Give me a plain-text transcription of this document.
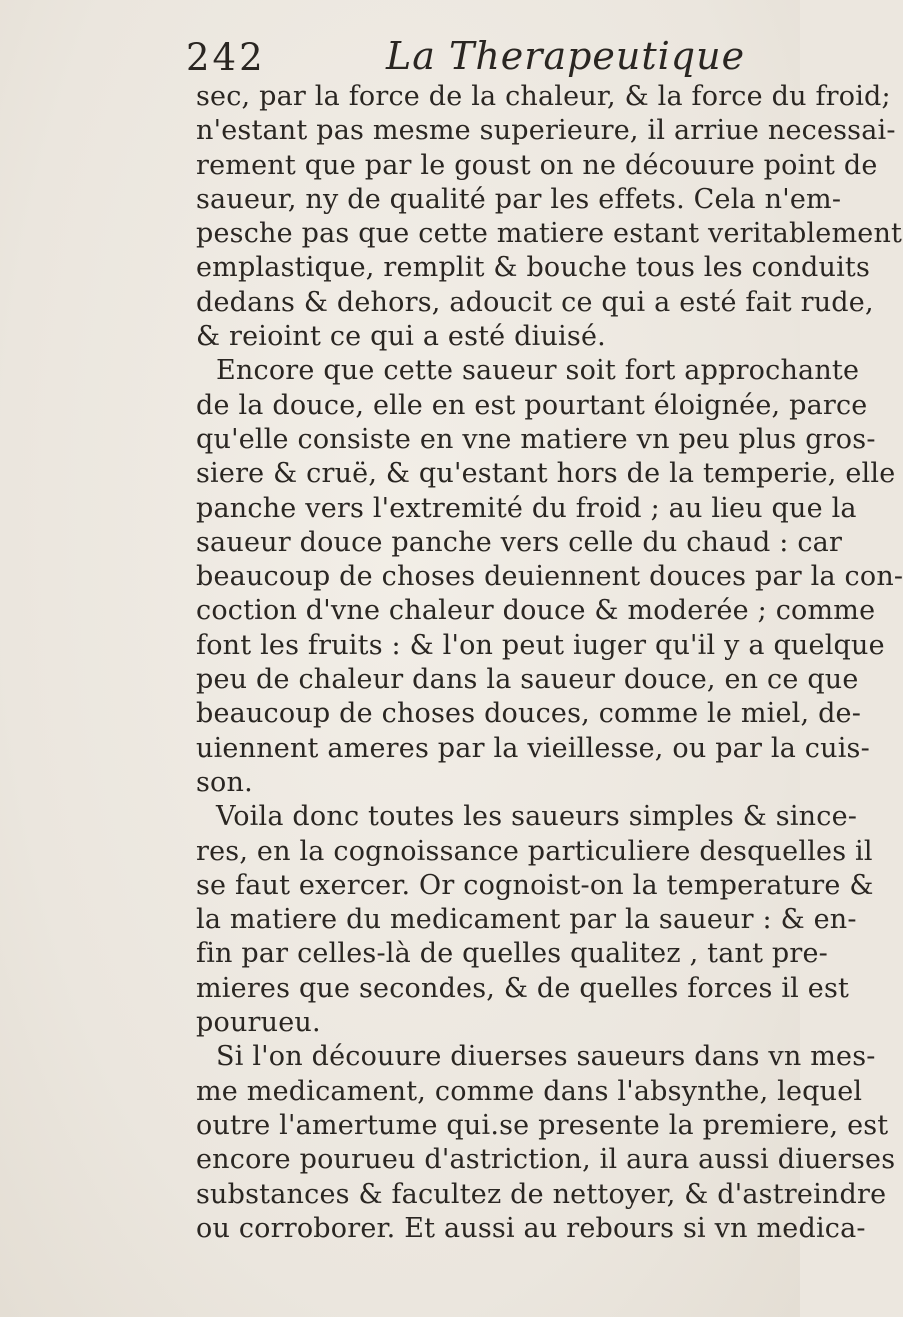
242	La Therapeutique
sec, par la force de la chaleur, & la force du froid;
n'estant pas mesme superieure, il arriue necessai-
rement que par le goust on ne découure point de
saueur, ny de qualité par les effets. Cela n'em-
pesche pas que cette matiere estant veritablement
emplastique, remplit & bouche tous les conduits
dedans & dehors, adoucit ce qui a esté fait rude,
& reioint ce qui a esté diuisé.
Encore que cette saueur soit fort approchante
de la douce, elle en est pourtant éloignée, parce
qu'elle consiste en vne matiere vn peu plus gros-
siere & cruë, & qu'estant hors de la temperie, elle
panche vers l'extremité du froid ; au lieu que la
saueur douce panche vers celle du chaud : car
beaucoup de choses deuiennent douces par la con-
coction d'vne chaleur douce & moderée ; comme
font les fruits : & l'on peut iuger qu'il y a quelque
peu de chaleur dans la saueur douce, en ce que
beaucoup de choses douces, comme le miel, de-
uiennent ameres par la vieillesse, ou par la cuis-
son.
Voila donc toutes les saueurs simples & since-
res, en la cognoissance particuliere desquelles il
se faut exercer. Or cognoist-on la temperature &
la matiere du medicament par la saueur : & en-
fin par celles-là de quelles qualitez , tant pre-
mieres que secondes, & de quelles forces il est
pourueu.
Si l'on découure diuerses saueurs dans vn mes-
me medicament, comme dans l'absynthe, lequel
outre l'amertume qui.se presente la premiere, est
encore pourueu d'astriction, il aura aussi diuerses
substances & facultez de nettoyer, & d'astreindre
ou corroborer. Et aussi au rebours si vn medica-
